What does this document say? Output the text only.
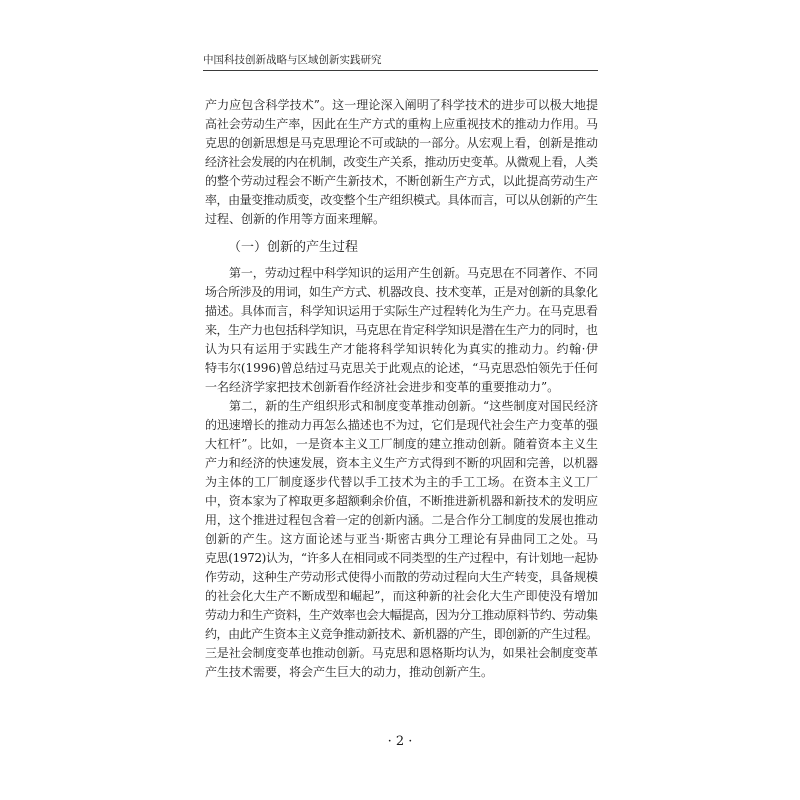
中国科技创新战略与区域创新实践研究
产力应包含科学技术”。这一理论深入阐明了科学技术的进步可以极大地提
高社会劳动生产率，因此在生产方式的重构上应重视技术的推动力作用。马
克思的创新思想是马克思理论不可或缺的一部分。从宏观上看，创新是推动
经济社会发展的内在机制，改变生产关系，推动历史变革。从微观上看，人类
的整个劳动过程会不断产生新技术，不断创新生产方式，以此提高劳动生产
率，由量变推动质变，改变整个生产组织模式。具体而言，可以从创新的产生
过程、创新的作用等方面来理解。
（一）创新的产生过程
第一，劳动过程中科学知识的运用产生创新。马克思在不同著作、不同
场合所涉及的用词，如生产方式、机器改良、技术变革，正是对创新的具象化
描述。具体而言，科学知识运用于实际生产过程转化为生产力。在马克思看
来，生产力也包括科学知识，马克思在肯定科学知识是潜在生产力的同时，也
认为只有运用于实践生产才能将科学知识转化为真实的推动力。约翰·伊
特韦尔(1996)曾总结过马克思关于此观点的论述，“马克思恐怕领先于任何
一名经济学家把技术创新看作经济社会进步和变革的重要推动力”。
第二，新的生产组织形式和制度变革推动创新。“这些制度对国民经济
的迅速增长的推动力再怎么描述也不为过，它们是现代社会生产力变革的强
大杠杆”。比如，一是资本主义工厂制度的建立推动创新。随着资本主义生
产力和经济的快速发展，资本主义生产方式得到不断的巩固和完善，以机器
为主体的工厂制度逐步代替以手工技术为主的手工工场。在资本主义工厂
中，资本家为了榨取更多超额剩余价值，不断推进新机器和新技术的发明应
用，这个推进过程包含着一定的创新内涵。二是合作分工制度的发展也推动
创新的产生。这方面论述与亚当·斯密古典分工理论有异曲同工之处。马
克思(1972)认为，“许多人在相同或不同类型的生产过程中，有计划地一起协
作劳动，这种生产劳动形式使得小而散的劳动过程向大生产转变，具备规模
的社会化大生产不断成型和崛起”，而这种新的社会化大生产即使没有增加
劳动力和生产资料，生产效率也会大幅提高，因为分工推动原料节约、劳动集
约，由此产生资本主义竞争推动新技术、新机器的产生，即创新的产生过程。
三是社会制度变革也推动创新。马克思和恩格斯均认为，如果社会制度变革
产生技术需要，将会产生巨大的动力，推动创新产生。
· 2 ·
